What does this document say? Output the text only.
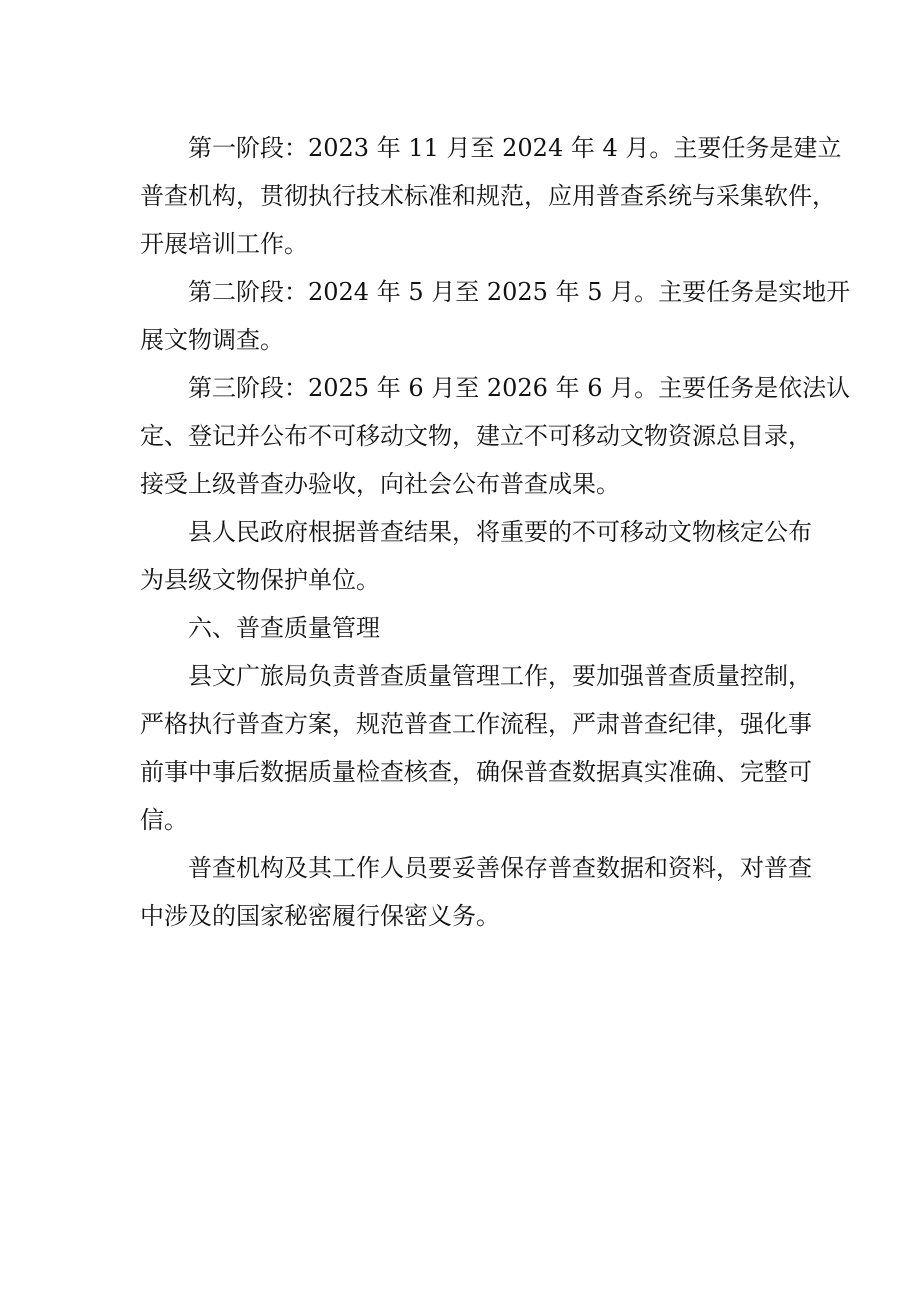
第一阶段：2023 年 11 月至 2024 年 4 月。主要任务是建立
普查机构，贯彻执行技术标准和规范，应用普查系统与采集软件，
开展培训工作。
第二阶段：2024 年 5 月至 2025 年 5 月。主要任务是实地开
展文物调查。
第三阶段：2025 年 6 月至 2026 年 6 月。主要任务是依法认
定、登记并公布不可移动文物，建立不可移动文物资源总目录，
接受上级普查办验收，向社会公布普查成果。
县人民政府根据普查结果，将重要的不可移动文物核定公布
为县级文物保护单位。
六、普查质量管理
县文广旅局负责普查质量管理工作，要加强普查质量控制，
严格执行普查方案，规范普查工作流程，严肃普查纪律，强化事
前事中事后数据质量检查核查，确保普查数据真实准确、完整可
信。
普查机构及其工作人员要妥善保存普查数据和资料，对普查
中涉及的国家秘密履行保密义务。
